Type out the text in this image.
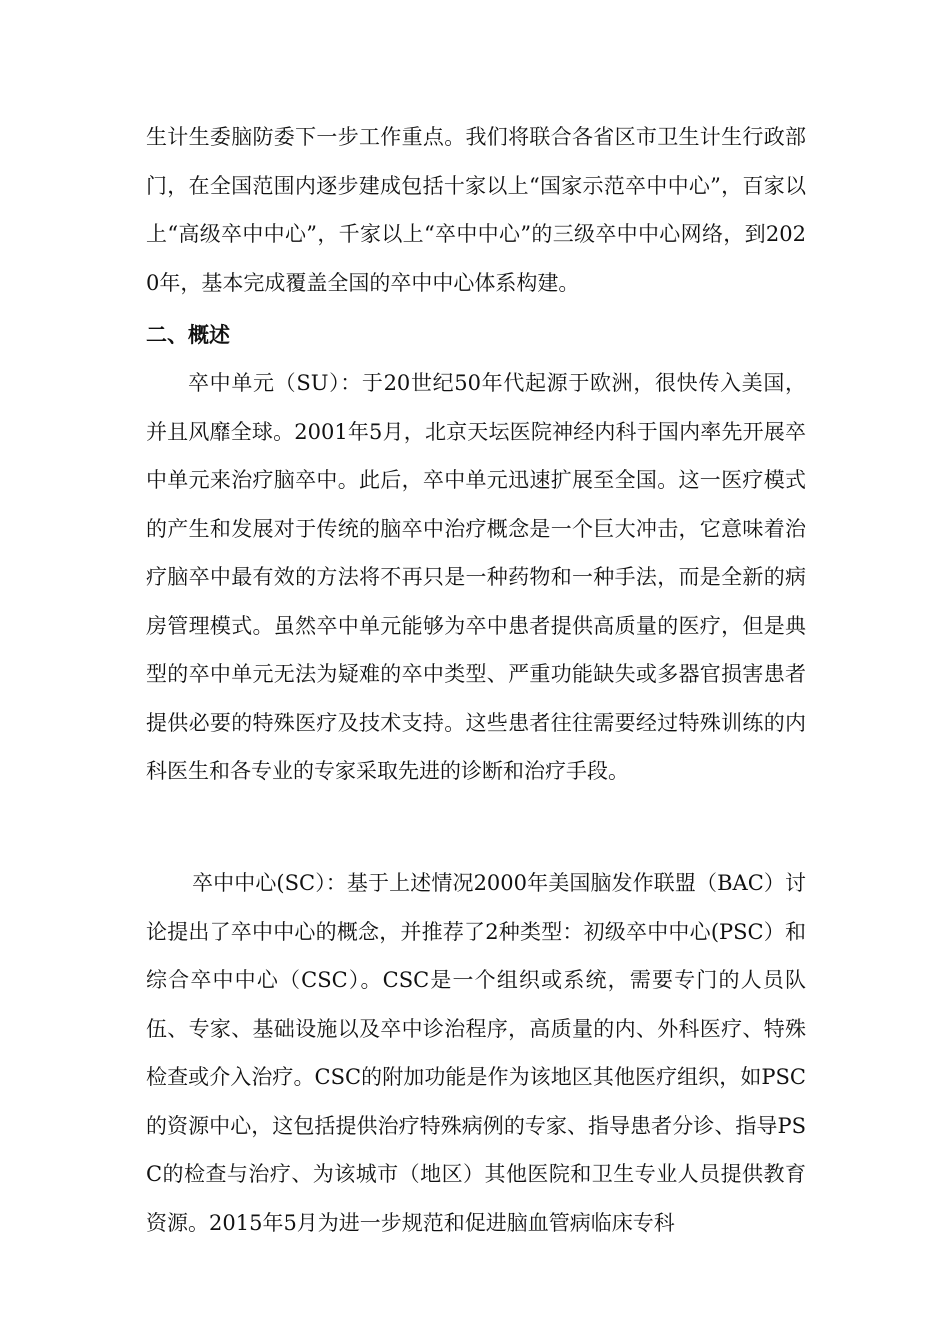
生计生委脑防委下一步工作重点。我们将联合各省区市卫生计生行政部门，在全国范围内逐步建成包括十家以上“国家示范卒中中心”，百家以上“高级卒中中心”，千家以上“卒中中心”的三级卒中中心网络，到2020年，基本完成覆盖全国的卒中中心体系构建。

二、概述

卒中单元（SU）：于20世纪50年代起源于欧洲，很快传入美国，并且风靡全球。2001年5月，北京天坛医院神经内科于国内率先开展卒中单元来治疗脑卒中。此后，卒中单元迅速扩展至全国。这一医疗模式的产生和发展对于传统的脑卒中治疗概念是一个巨大冲击，它意味着治疗脑卒中最有效的方法将不再只是一种药物和一种手法，而是全新的病房管理模式。虽然卒中单元能够为卒中患者提供高质量的医疗，但是典型的卒中单元无法为疑难的卒中类型、严重功能缺失或多器官损害患者提供必要的特殊医疗及技术支持。这些患者往往需要经过特殊训练的内科医生和各专业的专家采取先进的诊断和治疗手段。

卒中中心(SC）：基于上述情况2000年美国脑发作联盟（BAC）讨论提出了卒中中心的概念，并推荐了2种类型：初级卒中中心(PSC）和综合卒中中心（CSC）。CSC是一个组织或系统，需要专门的人员队伍、专家、基础设施以及卒中诊治程序，高质量的内、外科医疗、特殊检查或介入治疗。CSC的附加功能是作为该地区其他医疗组织，如PSC的资源中心，这包括提供治疗特殊病例的专家、指导患者分诊、指导PSC的检查与治疗、为该城市（地区）其他医院和卫生专业人员提供教育资源。2015年5月为进一步规范和促进脑血管病临床专科
